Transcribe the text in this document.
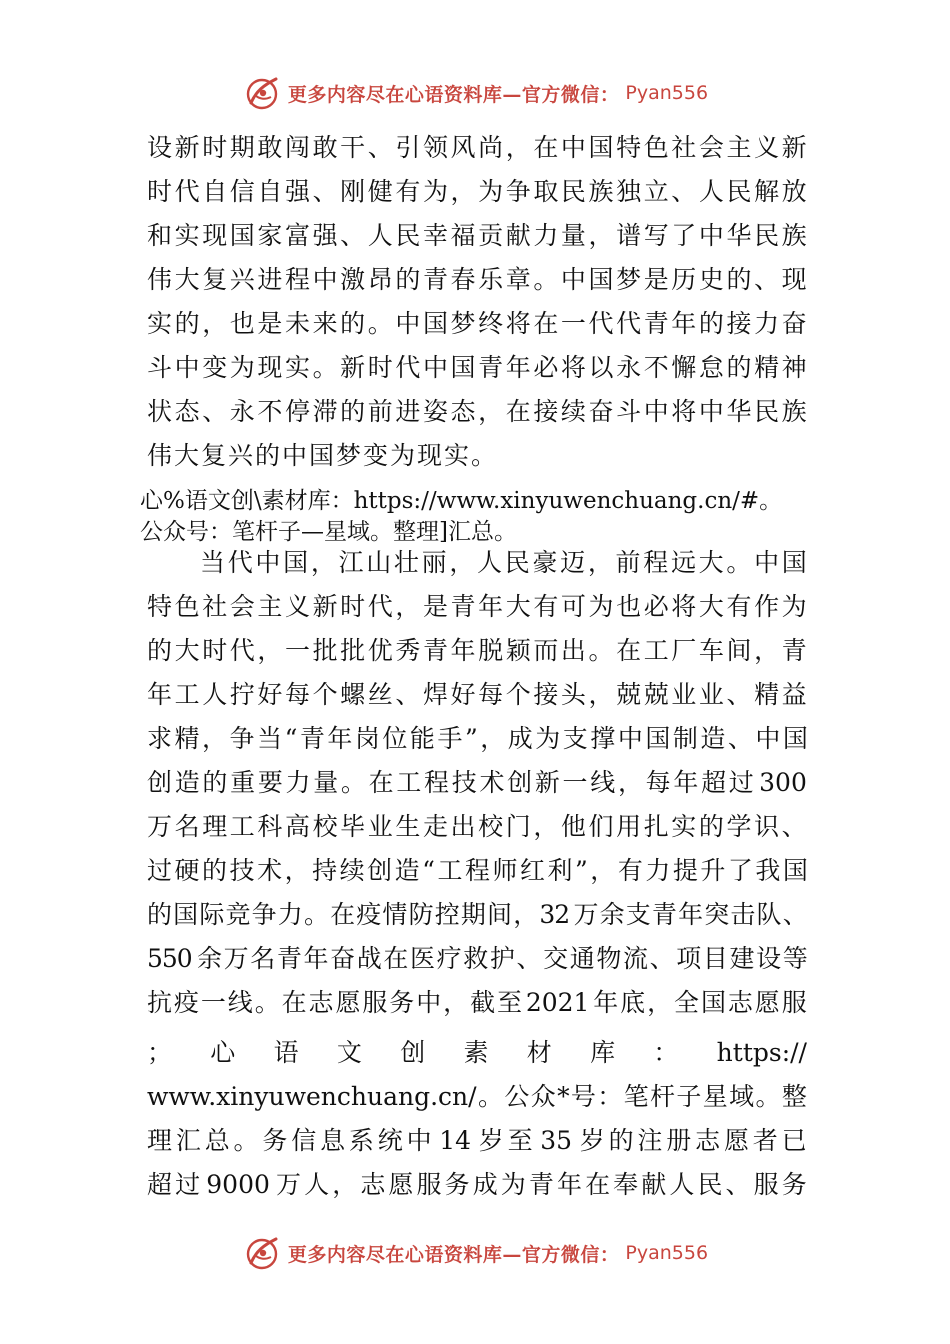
更多内容尽在心语资料库—官方微信： Pyan556
设 新 时 期 敢 闯 敢 干 、 引 领 风 尚 ， 在 中 国 特 色 社 会 主 义 新
时 代 自 信 自 强 、 刚 健 有 为 ， 为 争 取 民 族 独 立 、 人 民 解 放
和 实 现 国 家 富 强 、 人 民 幸 福 贡 献 力 量 ， 谱 写 了 中 华 民 族
伟 大 复 兴 进 程 中 激 昂 的 青 春 乐 章 。 中 国 梦 是 历 史 的 、 现
实 的 ， 也 是 未 来 的 。 中 国 梦 终 将 在 一 代 代 青 年 的 接 力 奋
斗 中 变 为 现 实 。 新 时 代 中 国 青 年 必 将 以 永 不 懈 怠 的 精 神
状 态 、 永 不 停 滞 的 前 进 姿 态 ， 在 接 续 奋 斗 中 将 中 华 民 族
伟大复兴的中国梦变为现实。
心%语文创\素材库：https://www.xinyuwenchuang.cn/#。
公众号：笔杆子—星域。整理]汇总。
当 代 中 国 ， 江 山 壮 丽 ， 人 民 豪 迈 ， 前 程 远 大 。 中 国
特 色 社 会 主 义 新 时 代 ， 是 青 年 大 有 可 为 也 必 将 大 有 作 为
的 大 时 代 ， 一 批 批 优 秀 青 年 脱 颖 而 出 。 在 工 厂 车 间 ， 青
年 工 人 拧 好 每 个 螺 丝 、 焊 好 每 个 接 头 ， 兢 兢 业 业 、 精 益
求 精 ， 争 当 “ 青 年 岗 位 能 手 ” ， 成 为 支 撑 中 国 制 造 、 中 国
创 造 的 重 要 力 量 。 在 工 程 技 术 创 新 一 线 ， 每 年 超 过 300
万 名 理 工 科 高 校 毕 业 生 走 出 校 门 ， 他 们 用 扎 实 的 学 识 、
过 硬 的 技 术 ， 持 续 创 造 “ 工 程 师 红 利 ” ， 有 力 提 升 了 我 国
的 国 际 竞 争 力 。 在 疫 情 防 控 期 间 ， 32 万 余 支 青 年 突 击 队 、
550 余 万 名 青 年 奋 战 在 医 疗 救 护 、 交 通 物 流 、 项 目 建 设 等
抗 疫 一 线 。 在 志 愿 服 务 中 ， 截 至 2021 年 底 ， 全 国 志 愿 服
； 心 语 文 创 素 材 库 ： https://
www.xinyuwenchuang.cn/ 。 公 众 * 号 ： 笔 杆 子 星 域 。 整
理 汇 总 。 务 信 息 系 统 中 14 岁 至 35 岁 的 注 册 志 愿 者 已
超 过 9000 万 人 ， 志 愿 服 务 成 为 青 年 在 奉 献 人 民 、 服 务
更多内容尽在心语资料库—官方微信： Pyan556
